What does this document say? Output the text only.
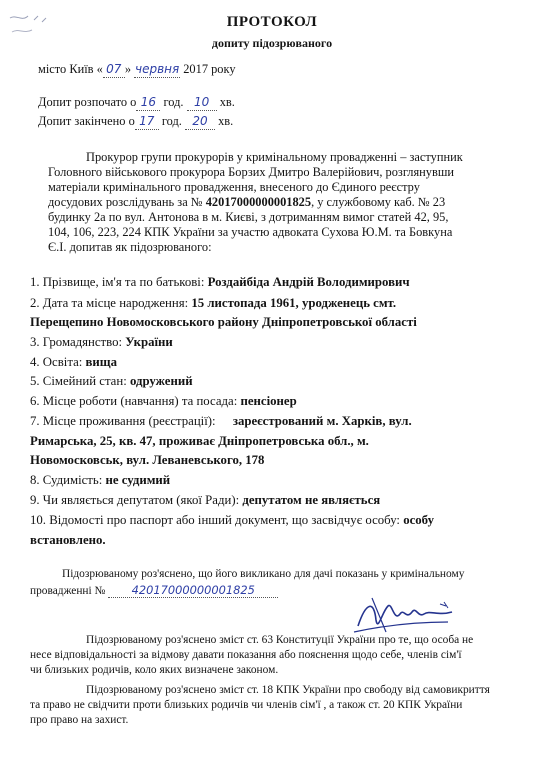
ПРОТОКОЛ
допиту підозрюваного
місто Київ « 07 » червня 2017 року
Допит розпочато о 16 год. 10 хв.
Допит закінчено о 17 год. 20 хв.
Прокурор групи прокурорів у кримінальному провадженні – заступник
Головного військового прокурора Борзих Дмитро Валерійович, розглянувши
матеріали кримінального провадження, внесеного до Єдиного реєстру
досудових розслідувань за № 42017000000001825, у службовому каб. № 23
будинку 2а по вул. Антонова в м. Києві, з дотриманням вимог статей 42, 95,
104, 106, 223, 224 КПК України за участю адвоката Сухова Ю.М. та Бовкуна
Є.І. допитав як підозрюваного:
1. Прізвище, ім'я та по батькові: Роздайбіда Андрій Володимирович
2. Дата та місце народження: 15 листопада 1961, уродженець смт.
Перещепино Новомосковського району Дніпропетровської області
3. Громадянство: України
4. Освіта: вища
5. Сімейний стан: одружений
6. Місце роботи (навчання) та посада: пенсіонер
7. Місце проживання (реєстрації): зареєстрований м. Харків, вул.
Римарська, 25, кв. 47, проживає Дніпропетровська обл., м.
Новомосковськ, вул. Леваневського, 178
8. Судимість: не судимий
9. Чи являється депутатом (якої Ради): депутатом не являється
10. Відомості про паспорт або інший документ, що засвідчує особу: особу
встановлено.
Підозрюваному роз'яснено, що його викликано для дачі показань у кримінальному
провадженні № 42017000000001825
Підозрюваному роз'яснено зміст ст. 63 Конституції України про те, що особа не
несе відповідальності за відмову давати показання або пояснення щодо себе, членів сім'ї
чи близьких родичів, коло яких визначене законом.
Підозрюваному роз'яснено зміст ст. 18 КПК України про свободу від самовикриття
та право не свідчити проти близьких родичів чи членів сім'ї , а також ст. 20 КПК України
про право на захист.
